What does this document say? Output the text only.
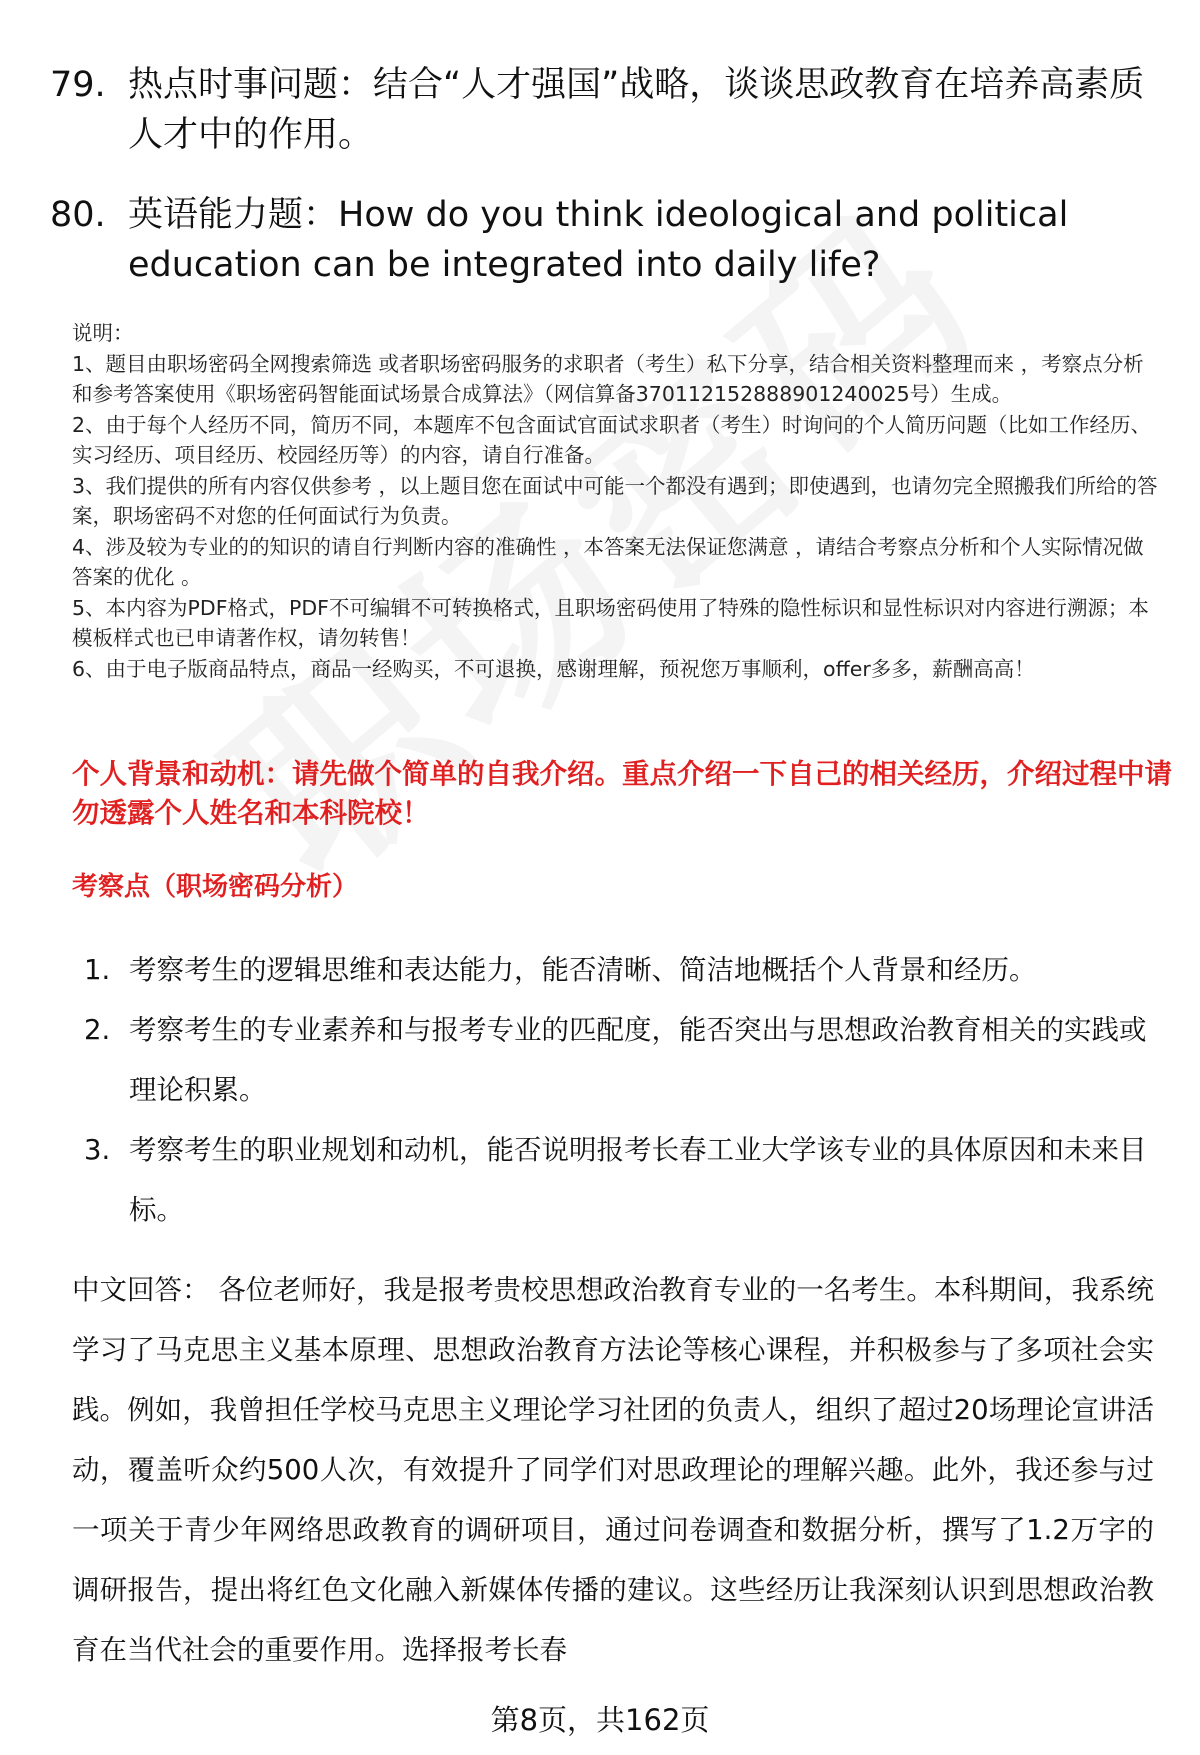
79. 热点时事问题：结合“人才强国”战略，谈谈思政教育在培养高素质人才中的作用。
80. 英语能力题：How do you think ideological and political education can be integrated into daily life?
说明：
1、题目由职场密码全网搜索筛选 或者职场密码服务的求职者（考生）私下分享，结合相关资料整理而来 ，考察点分析和参考答案使用《职场密码智能面试场景合成算法》（网信算备370112152888901240025号）生成。
2、由于每个人经历不同，简历不同，本题库不包含面试官面试求职者（考生）时询问的个人简历问题（比如工作经历、实习经历、项目经历、校园经历等）的内容，请自行准备。
3、我们提供的所有内容仅供参考 ，以上题目您在面试中可能一个都没有遇到；即使遇到，也请勿完全照搬我们所给的答案，职场密码不对您的任何面试行为负责。
4、涉及较为专业的的知识的请自行判断内容的准确性 ，本答案无法保证您满意 ，请结合考察点分析和个人实际情况做答案的优化 。
5、本内容为PDF格式，PDF不可编辑不可转换格式，且职场密码使用了特殊的隐性标识和显性标识对内容进行溯源；本模板样式也已申请著作权，请勿转售！
6、由于电子版商品特点，商品一经购买，不可退换，感谢理解，预祝您万事顺利，offer多多，薪酬高高！
个人背景和动机：请先做个简单的自我介绍。重点介绍一下自己的相关经历，介绍过程中请勿透露个人姓名和本科院校！
考察点（职场密码分析）
1. 考察考生的逻辑思维和表达能力，能否清晰、简洁地概括个人背景和经历。
2. 考察考生的专业素养和与报考专业的匹配度，能否突出与思想政治教育相关的实践或理论积累。
3. 考察考生的职业规划和动机，能否说明报考长春工业大学该专业的具体原因和未来目标。
中文回答： 各位老师好，我是报考贵校思想政治教育专业的一名考生。本科期间，我系统学习了马克思主义基本原理、思想政治教育方法论等核心课程，并积极参与了多项社会实践。例如，我曾担任学校马克思主义理论学习社团的负责人，组织了超过20场理论宣讲活动，覆盖听众约500人次，有效提升了同学们对思政理论的理解兴趣。此外，我还参与过一项关于青少年网络思政教育的调研项目，通过问卷调查和数据分析，撰写了1.2万字的调研报告，提出将红色文化融入新媒体传播的建议。这些经历让我深刻认识到思想政治教育在当代社会的重要作用。选择报考长春
第8页，共162页
